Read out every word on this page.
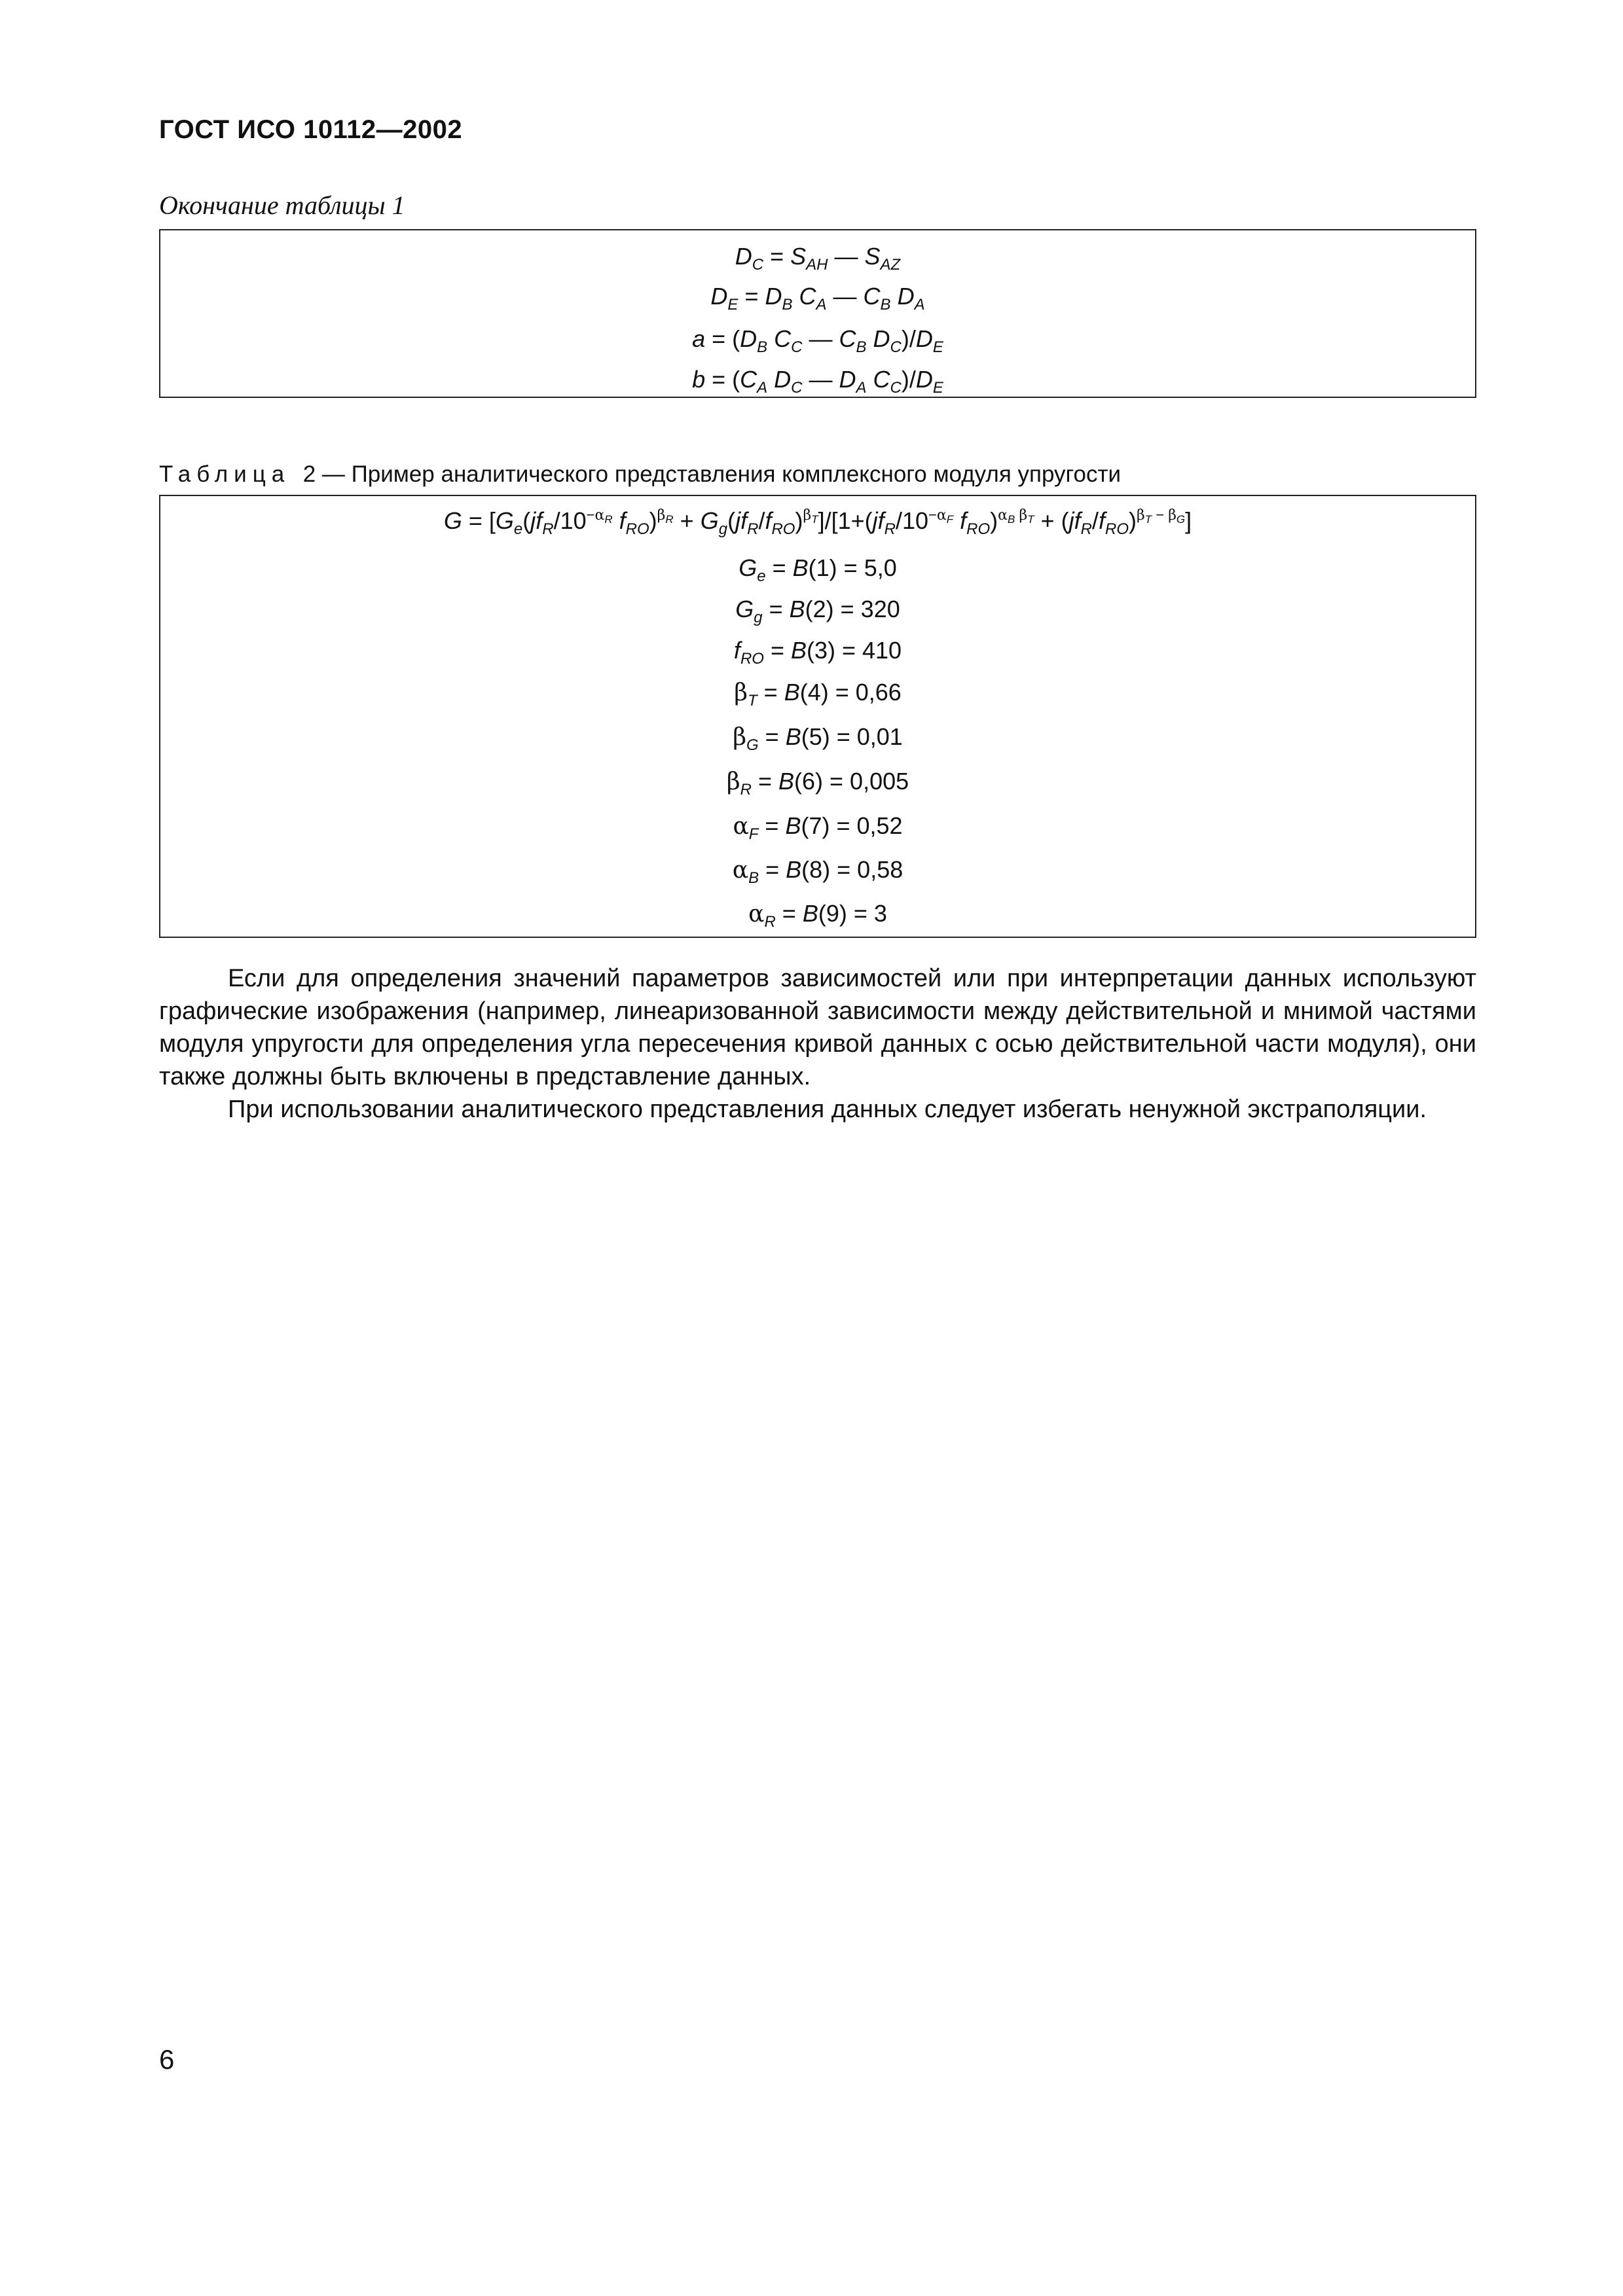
ГОСТ ИСО 10112—2002
Окончание таблицы 1
$D_C = S_{AH}$ — $S_{AZ}$
$D_E = D_B$ $C_A$ — $C_B$ $D_A$
$a = (D_B$ $C_C$ — $C_B$ $D_C)/D_E$
$b = (C_A$ $D_C$ — $D_A$ $C_C)/D_E$
Таблица 2 — Пример аналитического представления комплексного модуля упругости
$G = [G_e(jf_R/10^{-\alpha_R}$ $f_{RO})^{\beta_R} + G_g(jf_R/f_{RO})^{\beta_T}]/[1+(jf_R/10^{-\alpha_F}$ $f_{RO})^{\alpha_B \beta_T} + (jf_R/f_{RO})^{\beta_T - \beta_G}$]
$G_e = B(1) = 5,0$
$G_g = B(2) = 320$
$f_{RO} = B(3) = 410$
$\beta_T = B(4) = 0,66$
$\beta_G = B(5) = 0,01$
$\beta_R = B(6) = 0,005$
$\alpha_F = B(7) = 0,52$
$\alpha_B = B(8) = 0,58$
$\alpha_R = B(9) = 3$

Если для определения значений параметров зависимостей или при интерпретации данных используют графические изображения (например, линеаризованной зависимости между действительной и мнимой частями модуля упругости для определения угла пересечения кривой данных с осью действительной части модуля), они также должны быть включены в представление данных.

При использовании аналитического представления данных следует избегать ненужной экстраполяции.

6
